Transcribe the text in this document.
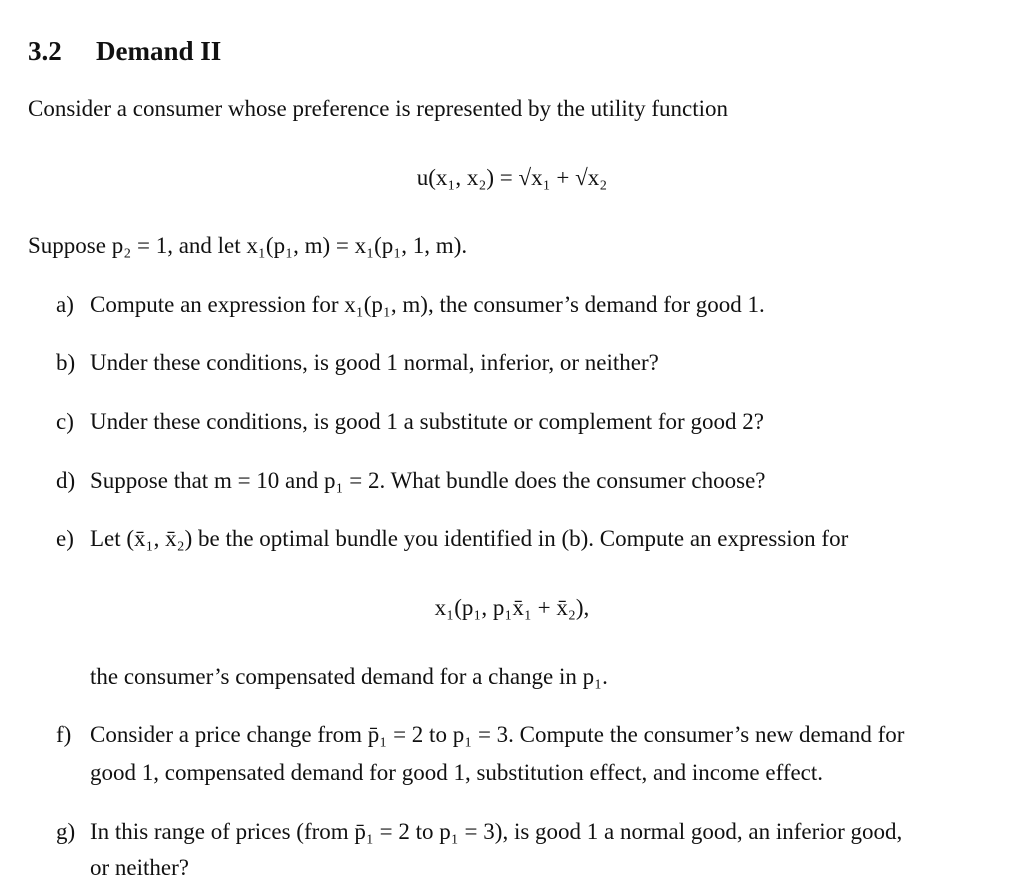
3.2 Demand II
Consider a consumer whose preference is represented by the utility function
u(x₁, x₂) = √x₁ + √x₂
Suppose p₂ = 1, and let x₁(p₁, m) = x₁(p₁, 1, m).
a) Compute an expression for x₁(p₁, m), the consumer’s demand for good 1.
b) Under these conditions, is good 1 normal, inferior, or neither?
c) Under these conditions, is good 1 a substitute or complement for good 2?
d) Suppose that m = 10 and p₁ = 2. What bundle does the consumer choose?
e) Let (x̄₁, x̄₂) be the optimal bundle you identified in (b). Compute an expression for
x₁(p₁, p₁x̄₁ + x̄₂),
the consumer’s compensated demand for a change in p₁.
f) Consider a price change from p̄₁ = 2 to p₁ = 3. Compute the consumer’s new demand for
good 1, compensated demand for good 1, substitution effect, and income effect.
g) In this range of prices (from p̄₁ = 2 to p₁ = 3), is good 1 a normal good, an inferior good,
or neither?
